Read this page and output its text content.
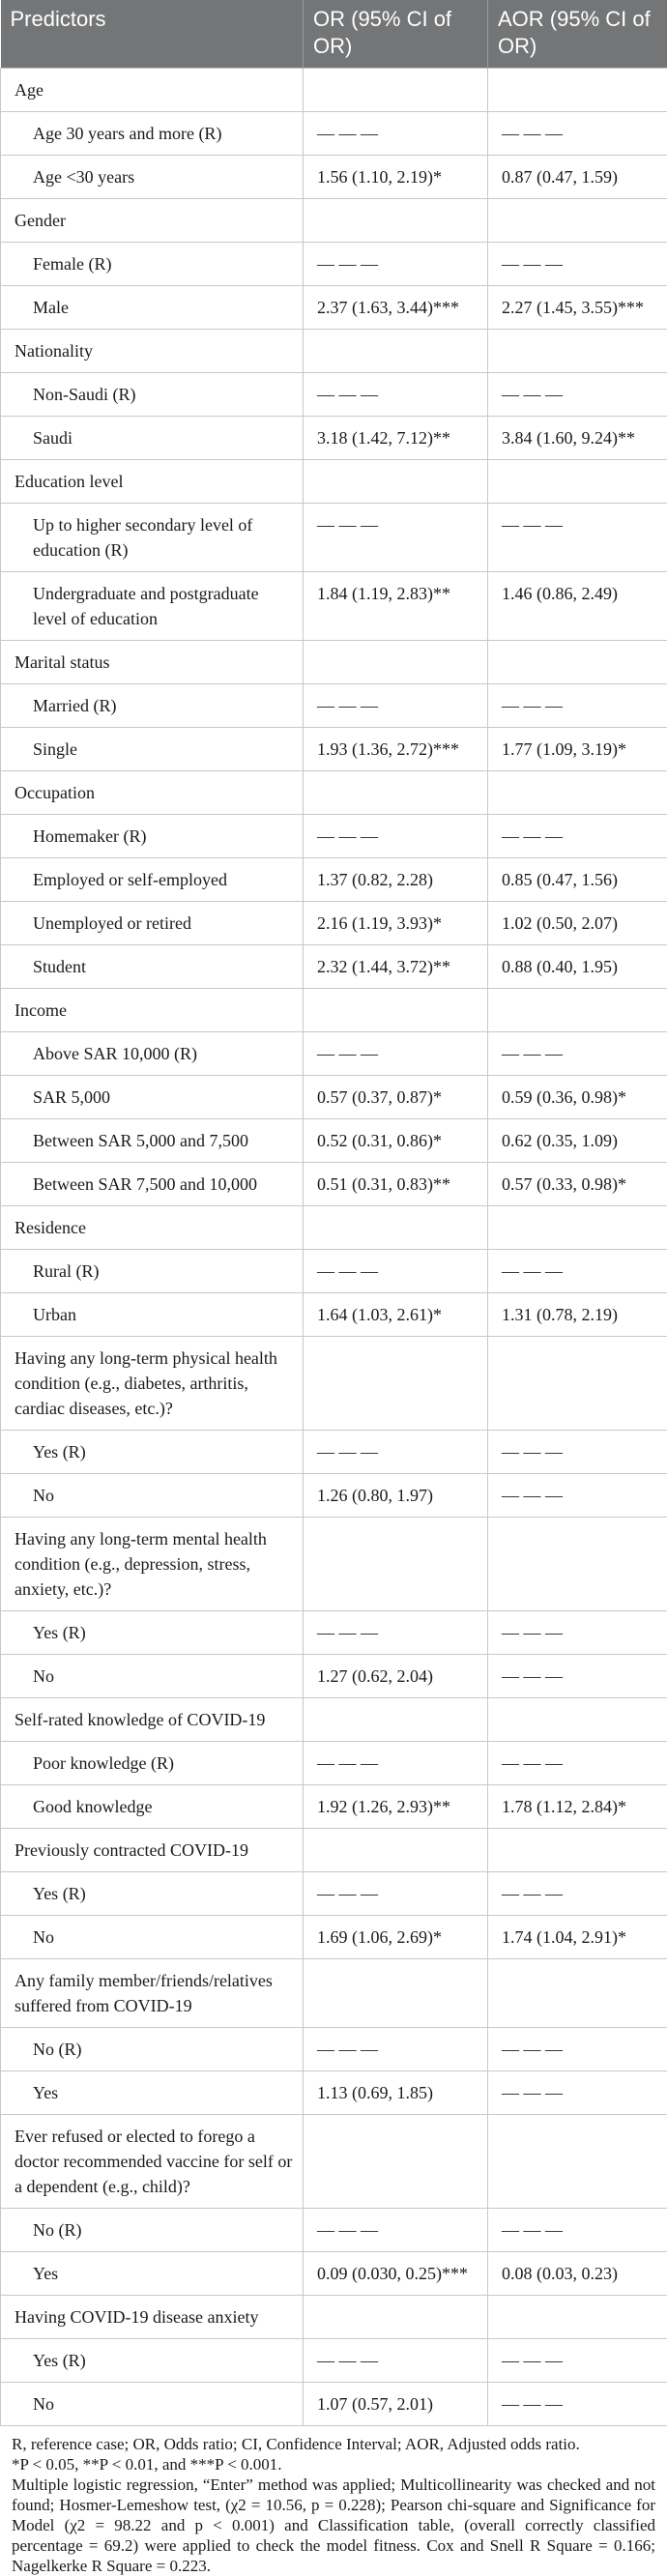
Predictors	OR (95% CI of OR)	AOR (95% CI of OR)
Age		
Age 30 years and more (R)	— — —	— — —
Age <30 years	1.56 (1.10, 2.19)*	0.87 (0.47, 1.59)
Gender		
Female (R)	— — —	— — —
Male	2.37 (1.63, 3.44)***	2.27 (1.45, 3.55)***
Nationality		
Non-Saudi (R)	— — —	— — —
Saudi	3.18 (1.42, 7.12)**	3.84 (1.60, 9.24)**
Education level		
Up to higher secondary level of education (R)	— — —	— — —
Undergraduate and postgraduate level of education	1.84 (1.19, 2.83)**	1.46 (0.86, 2.49)
Marital status		
Married (R)	— — —	— — —
Single	1.93 (1.36, 2.72)***	1.77 (1.09, 3.19)*
Occupation		
Homemaker (R)	— — —	— — —
Employed or self-employed	1.37 (0.82, 2.28)	0.85 (0.47, 1.56)
Unemployed or retired	2.16 (1.19, 3.93)*	1.02 (0.50, 2.07)
Student	2.32 (1.44, 3.72)**	0.88 (0.40, 1.95)
Income		
Above SAR 10,000 (R)	— — —	— — —
SAR 5,000	0.57 (0.37, 0.87)*	0.59 (0.36, 0.98)*
Between SAR 5,000 and 7,500	0.52 (0.31, 0.86)*	0.62 (0.35, 1.09)
Between SAR 7,500 and 10,000	0.51 (0.31, 0.83)**	0.57 (0.33, 0.98)*
Residence		
Rural (R)	— — —	— — —
Urban	1.64 (1.03, 2.61)*	1.31 (0.78, 2.19)
Having any long-term physical health condition (e.g., diabetes, arthritis, cardiac diseases, etc.)?		
Yes (R)	— — —	— — —
No	1.26 (0.80, 1.97)	— — —
Having any long-term mental health condition (e.g., depression, stress, anxiety, etc.)?		
Yes (R)	— — —	— — —
No	1.27 (0.62, 2.04)	— — —
Self-rated knowledge of COVID-19		
Poor knowledge (R)	— — —	— — —
Good knowledge	1.92 (1.26, 2.93)**	1.78 (1.12, 2.84)*
Previously contracted COVID-19		
Yes (R)	— — —	— — —
No	1.69 (1.06, 2.69)*	1.74 (1.04, 2.91)*
Any family member/friends/relatives suffered from COVID-19		
No (R)	— — —	— — —
Yes	1.13 (0.69, 1.85)	— — —
Ever refused or elected to forego a doctor recommended vaccine for self or a dependent (e.g., child)?		
No (R)	— — —	— — —
Yes	0.09 (0.030, 0.25)***	0.08 (0.03, 0.23)
Having COVID-19 disease anxiety		
Yes (R)	— — —	— — —
No	1.07 (0.57, 2.01)	— — —

R, reference case; OR, Odds ratio; CI, Confidence Interval; AOR, Adjusted odds ratio.

*P < 0.05, **P < 0.01, and ***P < 0.001.

Multiple logistic regression, “Enter” method was applied; Multicollinearity was checked and not found; Hosmer-Lemeshow test, (χ2 = 10.56, p = 0.228); Pearson chi-square and Significance for Model (χ2 = 98.22 and p < 0.001) and Classification table, (overall correctly classified percentage = 69.2) were applied to check the model fitness. Cox and Snell R Square = 0.166; Nagelkerke R Square = 0.223.
